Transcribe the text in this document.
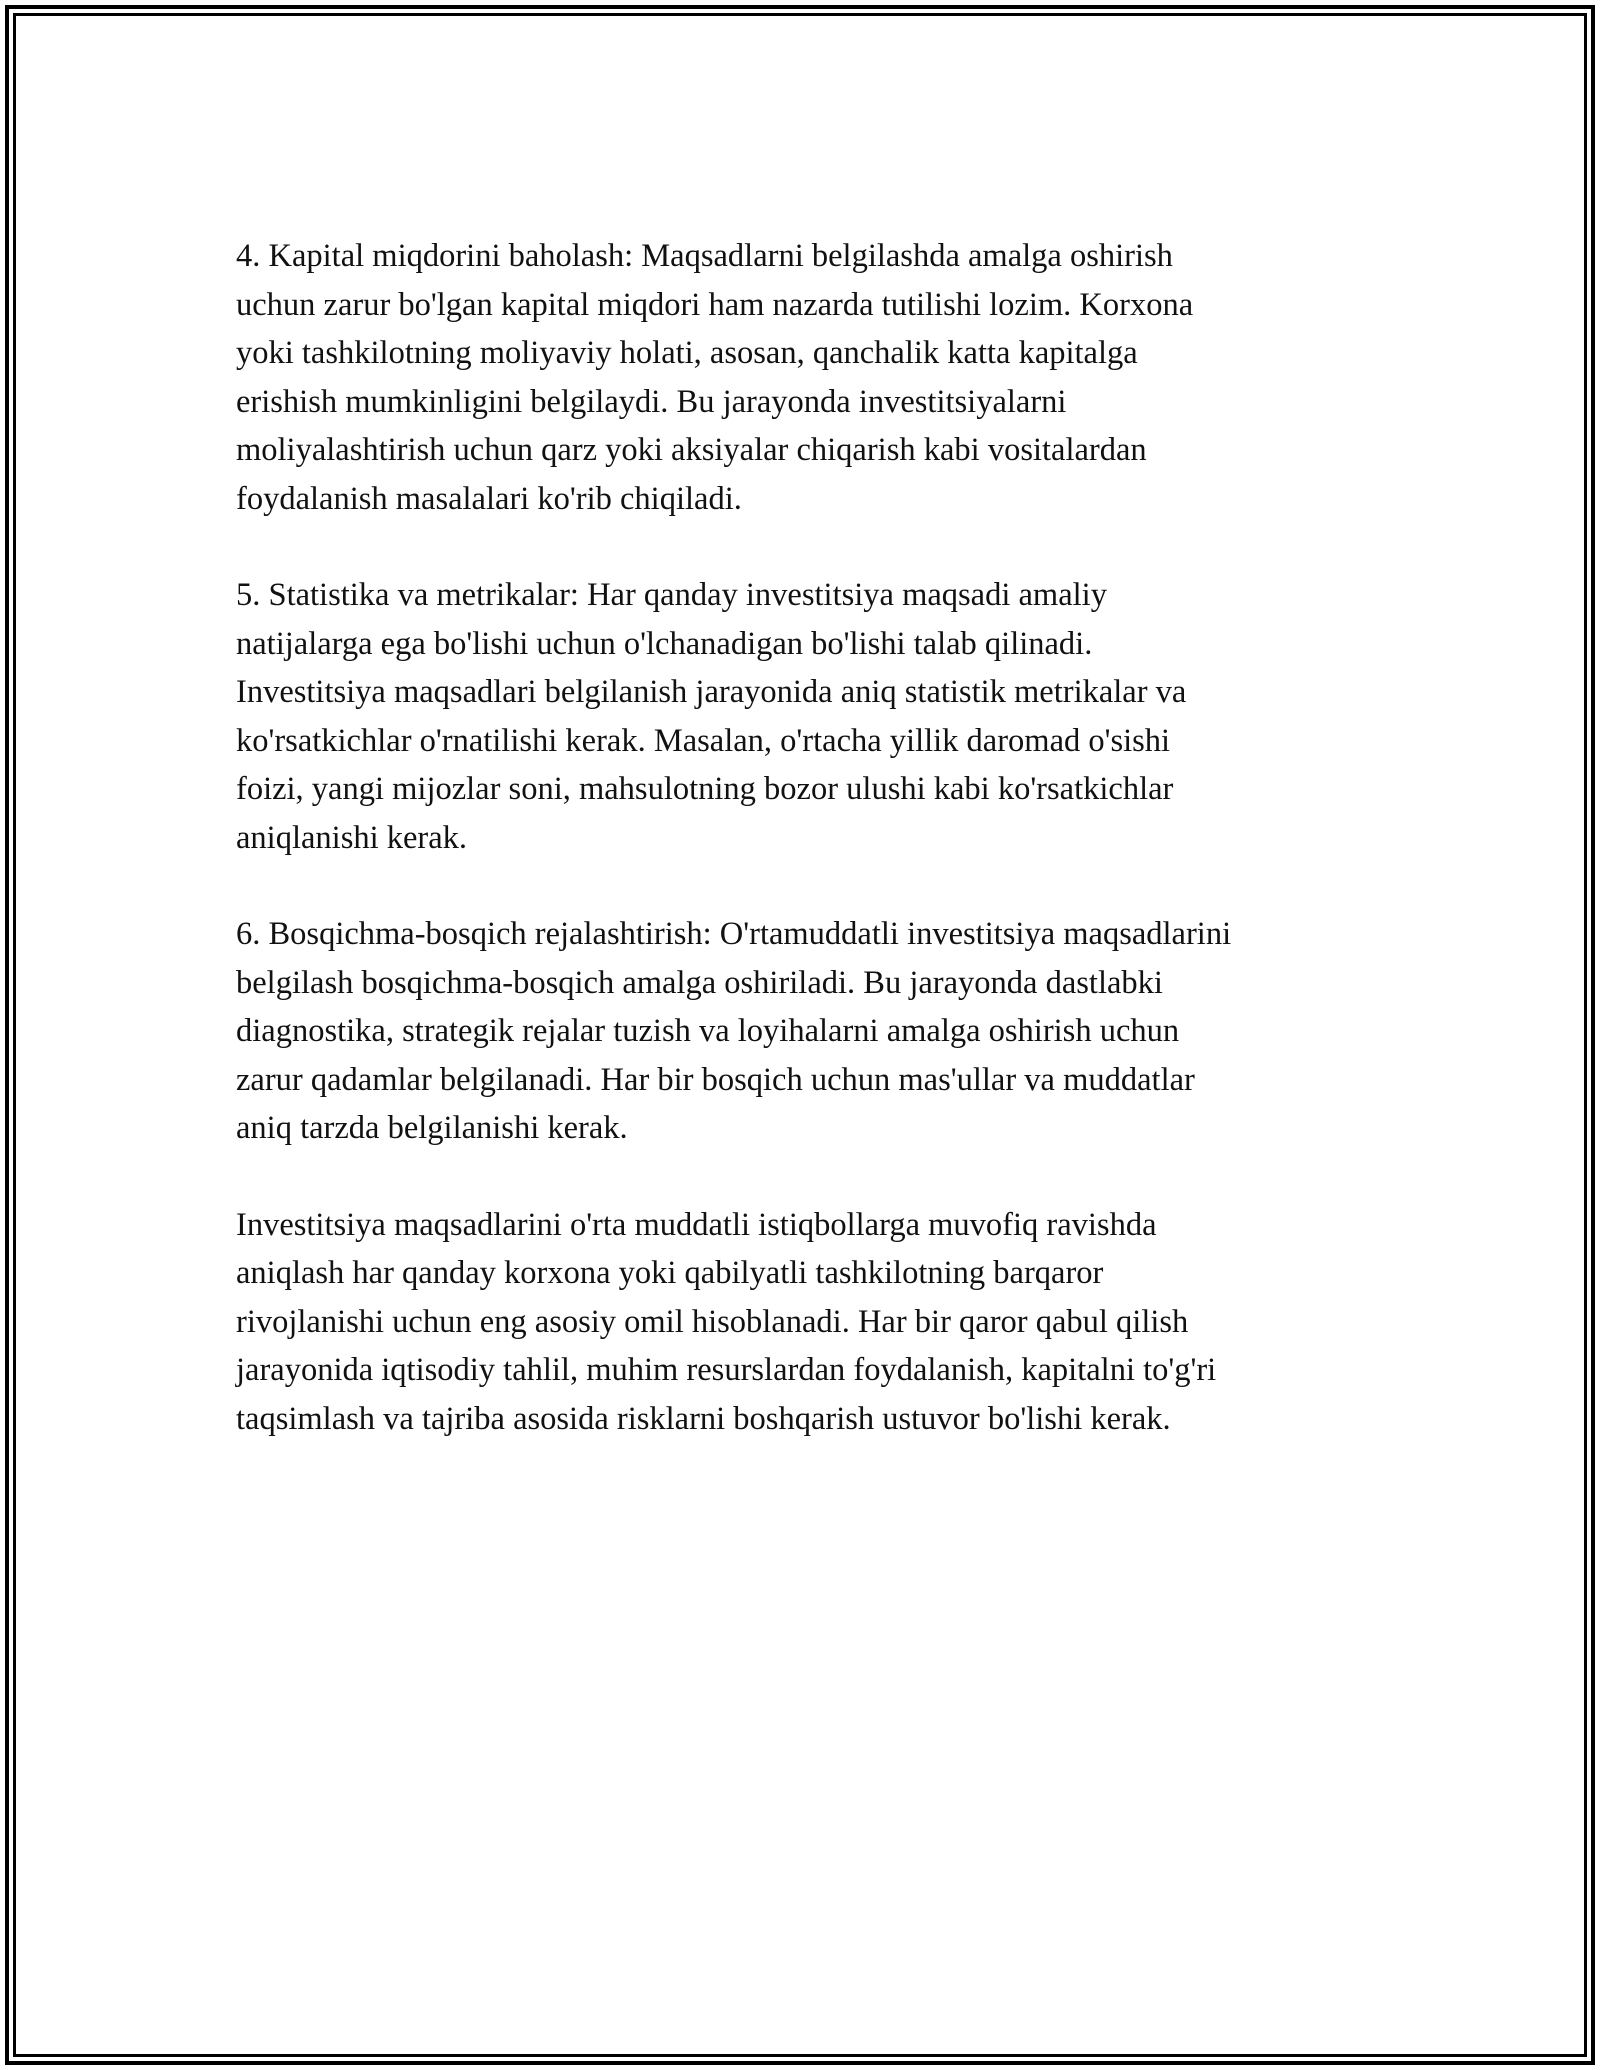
4. Kapital miqdorini baholash: Maqsadlarni belgilashda amalga oshirish
uchun zarur bo'lgan kapital miqdori ham nazarda tutilishi lozim. Korxona
yoki tashkilotning moliyaviy holati, asosan, qanchalik katta kapitalga
erishish mumkinligini belgilaydi. Bu jarayonda investitsiyalarni
moliyalashtirish uchun qarz yoki aksiyalar chiqarish kabi vositalardan
foydalanish masalalari ko'rib chiqiladi.

5. Statistika va metrikalar: Har qanday investitsiya maqsadi amaliy
natijalarga ega bo'lishi uchun o'lchanadigan bo'lishi talab qilinadi.
Investitsiya maqsadlari belgilanish jarayonida aniq statistik metrikalar va
ko'rsatkichlar o'rnatilishi kerak. Masalan, o'rtacha yillik daromad o'sishi
foizi, yangi mijozlar soni, mahsulotning bozor ulushi kabi ko'rsatkichlar
aniqlanishi kerak.

6. Bosqichma-bosqich rejalashtirish: O'rtamuddatli investitsiya maqsadlarini
belgilash bosqichma-bosqich amalga oshiriladi. Bu jarayonda dastlabki
diagnostika, strategik rejalar tuzish va loyihalarni amalga oshirish uchun
zarur qadamlar belgilanadi. Har bir bosqich uchun mas'ullar va muddatlar
aniq tarzda belgilanishi kerak.

Investitsiya maqsadlarini o'rta muddatli istiqbollarga muvofiq ravishda
aniqlash har qanday korxona yoki qabilyatli tashkilotning barqaror
rivojlanishi uchun eng asosiy omil hisoblanadi. Har bir qaror qabul qilish
jarayonida iqtisodiy tahlil, muhim resurslardan foydalanish, kapitalni to'g'ri
taqsimlash va tajriba asosida risklarni boshqarish ustuvor bo'lishi kerak.
